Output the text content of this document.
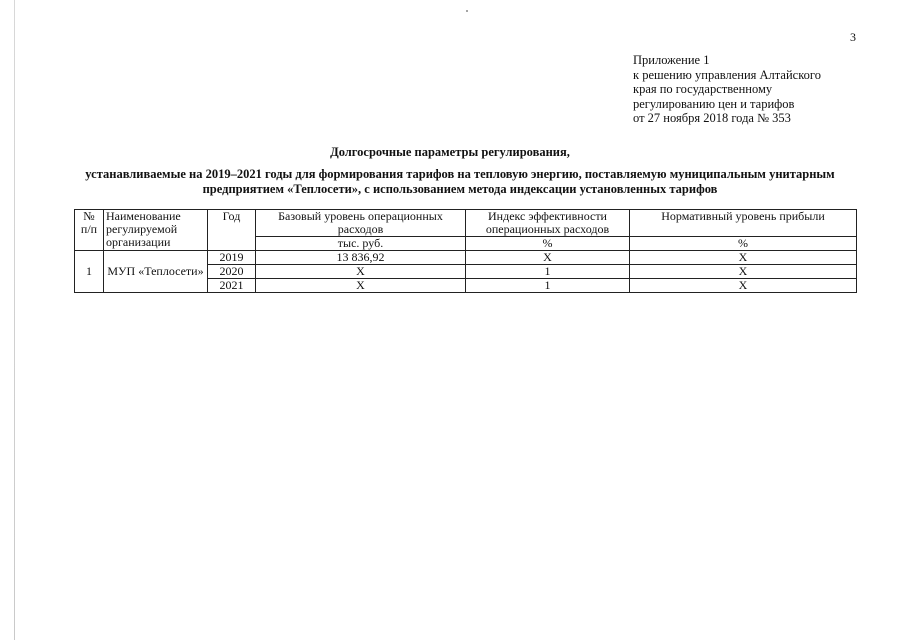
3
Приложение 1
к решению управления Алтайского
края по государственному
регулированию цен и тарифов
от 27 ноября 2018 года № 353
Долгосрочные параметры регулирования,
устанавливаемые на 2019–2021 годы для формирования тарифов на тепловую энергию, поставляемую муниципальным унитарным
предприятием «Теплосети», с использованием метода индексации установленных тарифов
№ п/п	Наименование регулируемой организации	Год	Базовый уровень операционных расходов	Индекс эффективности операционных расходов	Нормативный уровень прибыли
			тыс. руб.	%	%
1	МУП «Теплосети»	2019	13 836,92	Х	Х
		2020	Х	1	Х
		2021	Х	1	Х
